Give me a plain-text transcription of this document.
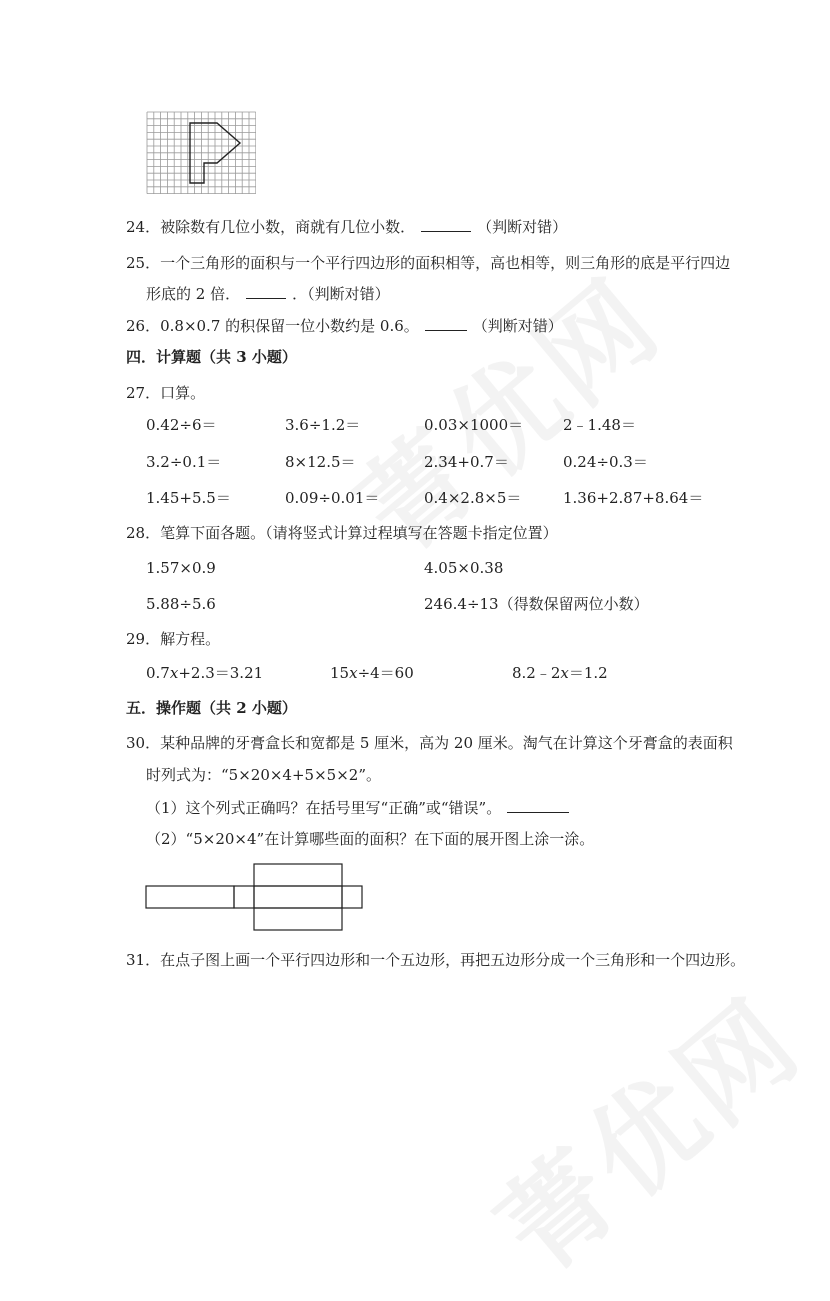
24．被除数有几位小数，商就有几位小数．	（判断对错）
25．一个三角形的面积与一个平行四边形的面积相等，高也相等，则三角形的底是平行四边
形底的 2 倍．	．（判断对错）
26．0.8×0.7 的积保留一位小数约是 0.6。	（判断对错）
四．计算题（共 3 小题）
27．口算。
0.42÷6＝	3.6÷1.2＝	0.03×1000＝	2﹣1.48＝
3.2÷0.1＝	8×12.5＝	2.34+0.7＝	0.24÷0.3＝
1.45+5.5＝	0.09÷0.01＝	0.4×2.8×5＝	1.36+2.87+8.64＝
28．笔算下面各题。（请将竖式计算过程填写在答题卡指定位置）
1.57×0.9	4.05×0.38
5.88÷5.6	246.4÷13（得数保留两位小数）
29．解方程。
0.7x+2.3＝3.21	15x÷4＝60	8.2﹣2x＝1.2
五．操作题（共 2 小题）
30．某种品牌的牙膏盒长和宽都是 5 厘米，高为 20 厘米。淘气在计算这个牙膏盒的表面积
时列式为：“5×20×4+5×5×2”。
（1）这个列式正确吗？在括号里写“正确”或“错误”。
（2）“5×20×4”在计算哪些面的面积？在下面的展开图上涂一涂。
31．在点子图上画一个平行四边形和一个五边形，再把五边形分成一个三角形和一个四边形。
